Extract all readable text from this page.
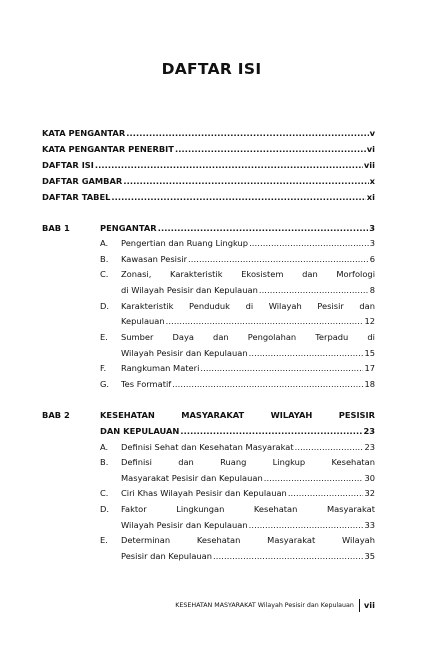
DAFTAR ISI
KATA PENGANTAR .....	v
KATA PENGANTAR PENERBIT .....	vi
DAFTAR ISI .....	vii
DAFTAR GAMBAR .....	x
DAFTAR TABEL .....	xi
BAB 1	PENGANTAR .....	3
A.	Pengertian dan Ruang Lingkup .....	3
B.	Kawasan Pesisir .....	6
C.	Zonasi, Karakteristik Ekosistem dan Morfologi
di Wilayah Pesisir dan Kepulauan .....	8
D.	Karakteristik Penduduk di Wilayah Pesisir dan
Kepulauan .....	12
E.	Sumber Daya dan Pengolahan Terpadu di
Wilayah Pesisir dan Kepulauan .....	15
F.	Rangkuman Materi .....	17
G.	Tes Formatif .....	18
BAB 2	KESEHATAN MASYARAKAT WILAYAH PESISIR
DAN KEPULAUAN .....	23
A.	Definisi Sehat dan Kesehatan Masyarakat .....	23
B.	Definisi dan Ruang Lingkup Kesehatan
Masyarakat Pesisir dan Kepulauan .....	30
C.	Ciri Khas Wilayah Pesisir dan Kepulauan .....	32
D.	Faktor Lingkungan Kesehatan Masyarakat
Wilayah Pesisir dan Kepulauan .....	33
E.	Determinan Kesehatan Masyarakat Wilayah
Pesisir dan Kepulauan .....	35
KESEHATAN MASYARAKAT Wilayah Pesisir dan Kepulauan vii
